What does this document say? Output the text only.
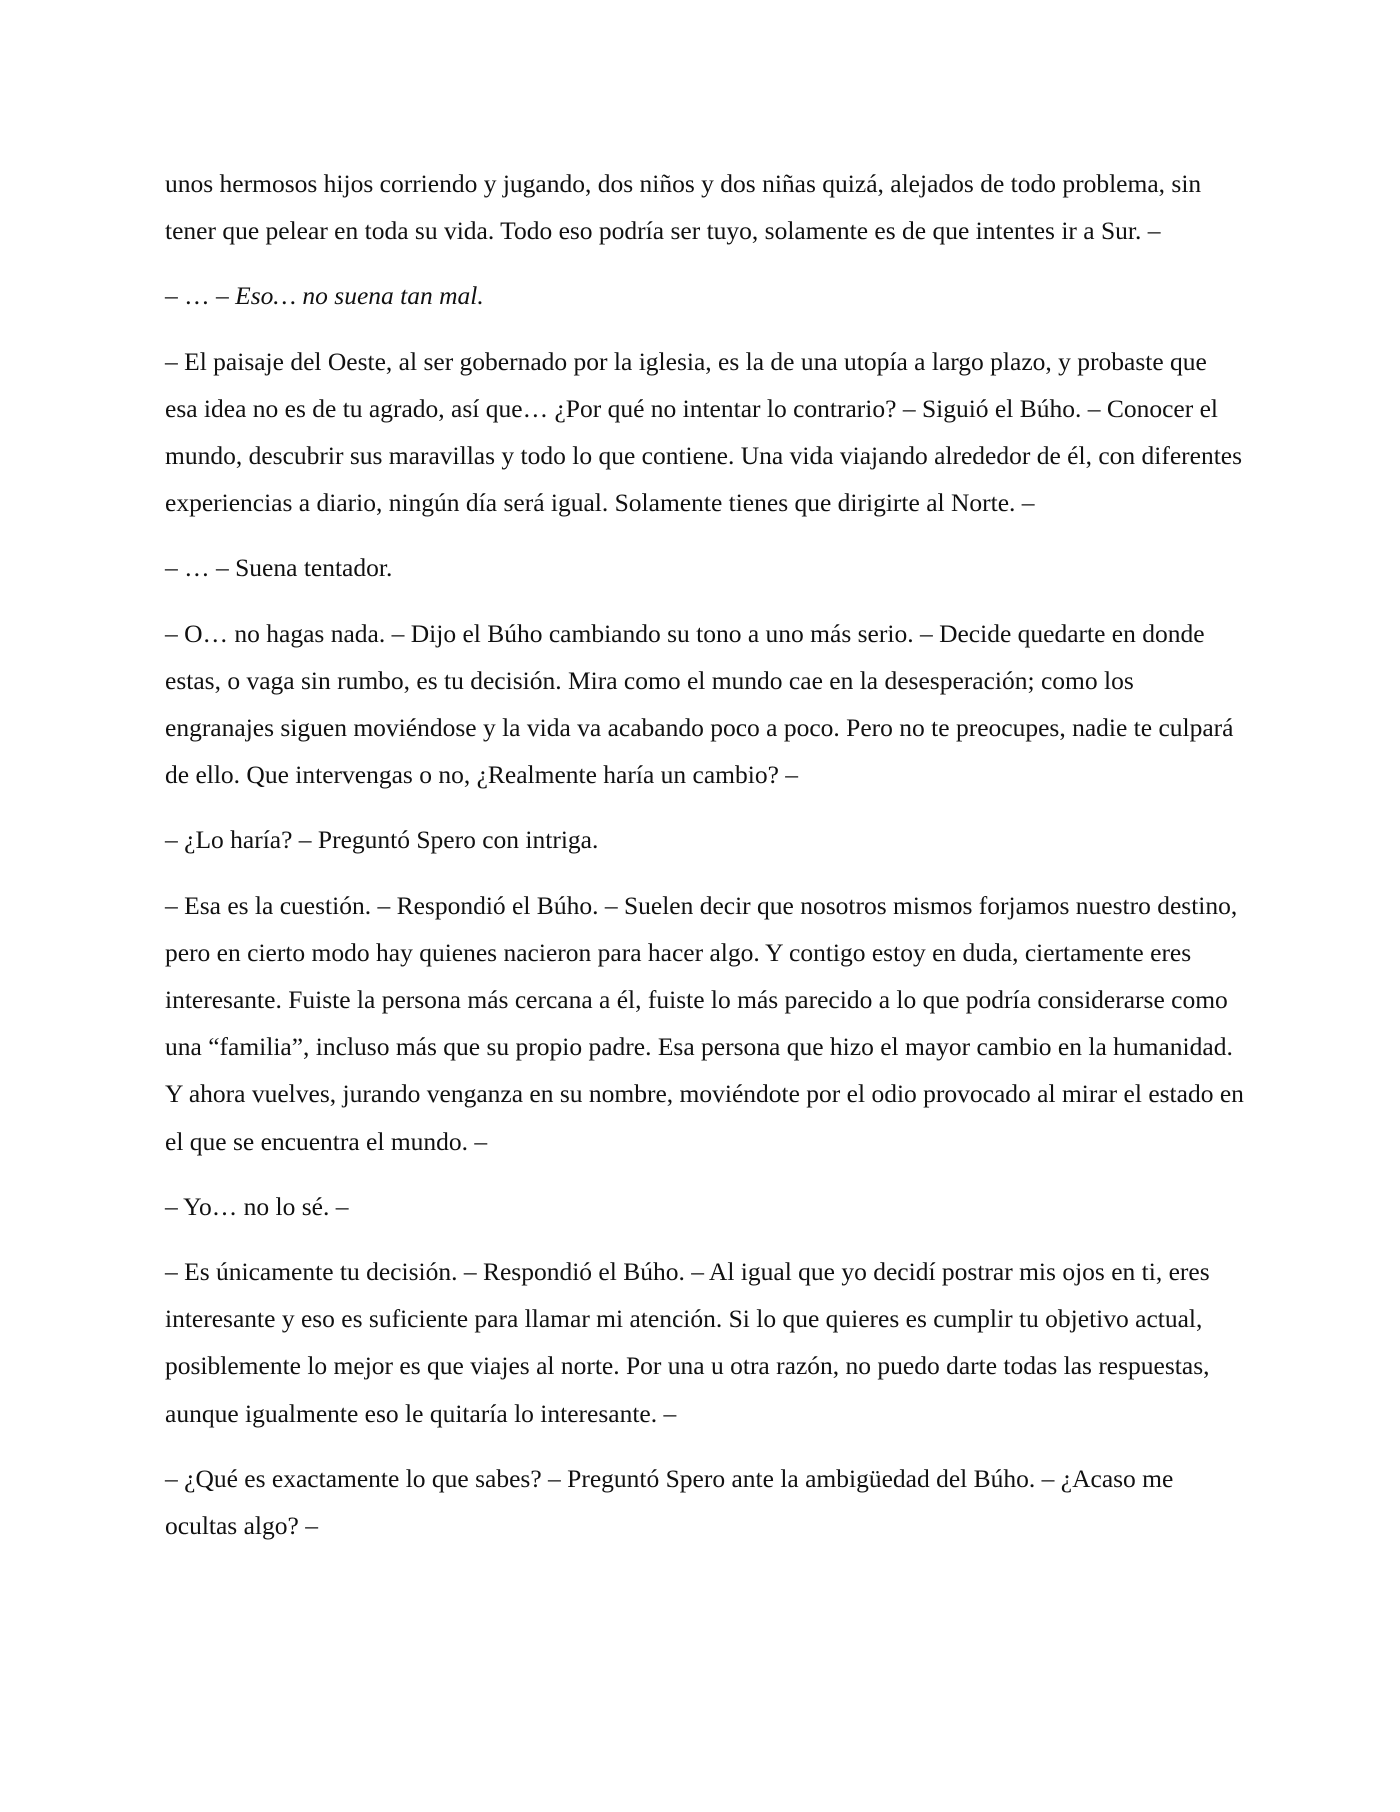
unos hermosos hijos corriendo y jugando, dos niños y dos niñas quizá, alejados de todo problema, sin tener que pelear en toda su vida. Todo eso podría ser tuyo, solamente es de que intentes ir a Sur. –

– … – Eso… no suena tan mal.

– El paisaje del Oeste, al ser gobernado por la iglesia, es la de una utopía a largo plazo, y probaste que esa idea no es de tu agrado, así que… ¿Por qué no intentar lo contrario? – Siguió el Búho. – Conocer el mundo, descubrir sus maravillas y todo lo que contiene. Una vida viajando alrededor de él, con diferentes experiencias a diario, ningún día será igual. Solamente tienes que dirigirte al Norte. –

– … – Suena tentador.

– O… no hagas nada. – Dijo el Búho cambiando su tono a uno más serio. – Decide quedarte en donde estas, o vaga sin rumbo, es tu decisión. Mira como el mundo cae en la desesperación; como los engranajes siguen moviéndose y la vida va acabando poco a poco. Pero no te preocupes, nadie te culpará de ello. Que intervengas o no, ¿Realmente haría un cambio? –

– ¿Lo haría? – Preguntó Spero con intriga.

– Esa es la cuestión. – Respondió el Búho. – Suelen decir que nosotros mismos forjamos nuestro destino, pero en cierto modo hay quienes nacieron para hacer algo. Y contigo estoy en duda, ciertamente eres interesante. Fuiste la persona más cercana a él, fuiste lo más parecido a lo que podría considerarse como una “familia”, incluso más que su propio padre. Esa persona que hizo el mayor cambio en la humanidad. Y ahora vuelves, jurando venganza en su nombre, moviéndote por el odio provocado al mirar el estado en el que se encuentra el mundo. –

– Yo… no lo sé. –

– Es únicamente tu decisión. – Respondió el Búho. – Al igual que yo decidí postrar mis ojos en ti, eres interesante y eso es suficiente para llamar mi atención. Si lo que quieres es cumplir tu objetivo actual, posiblemente lo mejor es que viajes al norte. Por una u otra razón, no puedo darte todas las respuestas, aunque igualmente eso le quitaría lo interesante. –

– ¿Qué es exactamente lo que sabes? – Preguntó Spero ante la ambigüedad del Búho. – ¿Acaso me ocultas algo? –
